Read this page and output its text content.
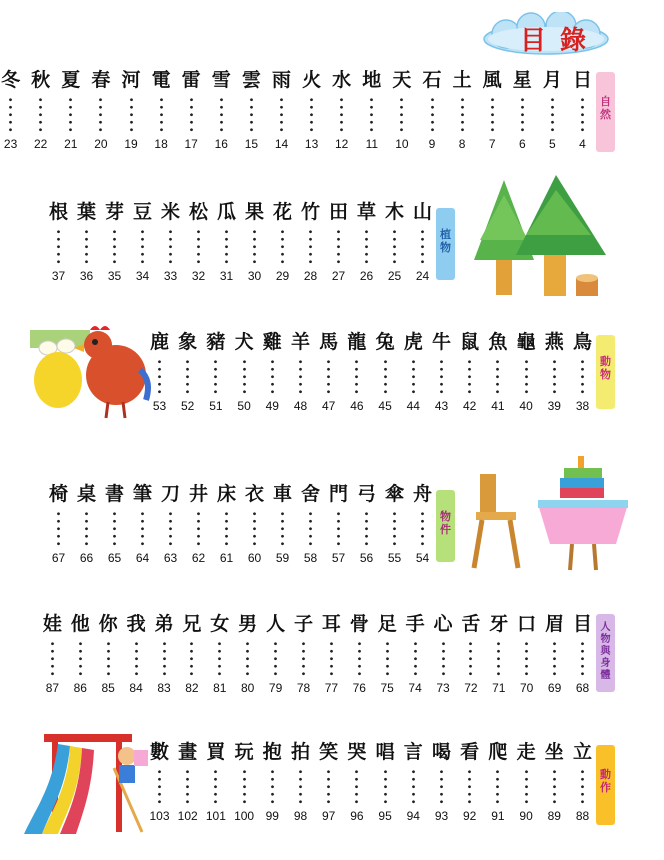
目錄
冬
23
秋
22
夏
21
春
20
河
19
電
18
雷
17
雪
16
雲
15
雨
14
火
13
水
12
地
11
天
10
石
9
土
8
風
7
星
6
月
5
日
4
根
37
葉
36
芽
35
豆
34
米
33
松
32
瓜
31
果
30
花
29
竹
28
田
27
草
26
木
25
山
24
鹿
53
象
52
豬
51
犬
50
雞
49
羊
48
馬
47
龍
46
兔
45
虎
44
牛
43
鼠
42
魚
41
龜
40
燕
39
鳥
38
椅
67
桌
66
書
65
筆
64
刀
63
井
62
床
61
衣
60
車
59
舍
58
門
57
弓
56
傘
55
舟
54
娃
87
他
86
你
85
我
84
弟
83
兄
82
女
81
男
80
人
79
子
78
耳
77
骨
76
足
75
手
74
心
73
舌
72
牙
71
口
70
眉
69
目
68
數
103
畫
102
買
101
玩
100
抱
99
拍
98
笑
97
哭
96
唱
95
言
94
喝
93
看
92
爬
91
走
90
坐
89
立
88
自
然
植
物
動
物
物
件
人
物
與
身
體
動
作
